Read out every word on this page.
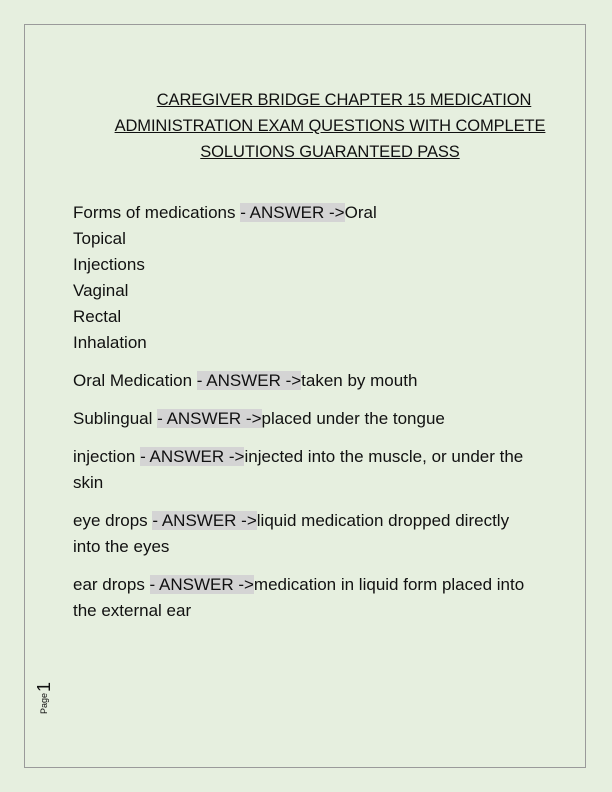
CAREGIVER BRIDGE CHAPTER 15 MEDICATION
ADMINISTRATION EXAM QUESTIONS WITH COMPLETE
SOLUTIONS GUARANTEED PASS
Forms of medications - ANSWER ->Oral
Topical
Injections
Vaginal
Rectal
Inhalation
Oral Medication - ANSWER ->taken by mouth
Sublingual - ANSWER ->placed under the tongue
injection - ANSWER ->injected into the muscle, or under the
skin
eye drops - ANSWER ->liquid medication dropped directly
into the eyes
ear drops - ANSWER ->medication in liquid form placed into
the external ear
Page
1
